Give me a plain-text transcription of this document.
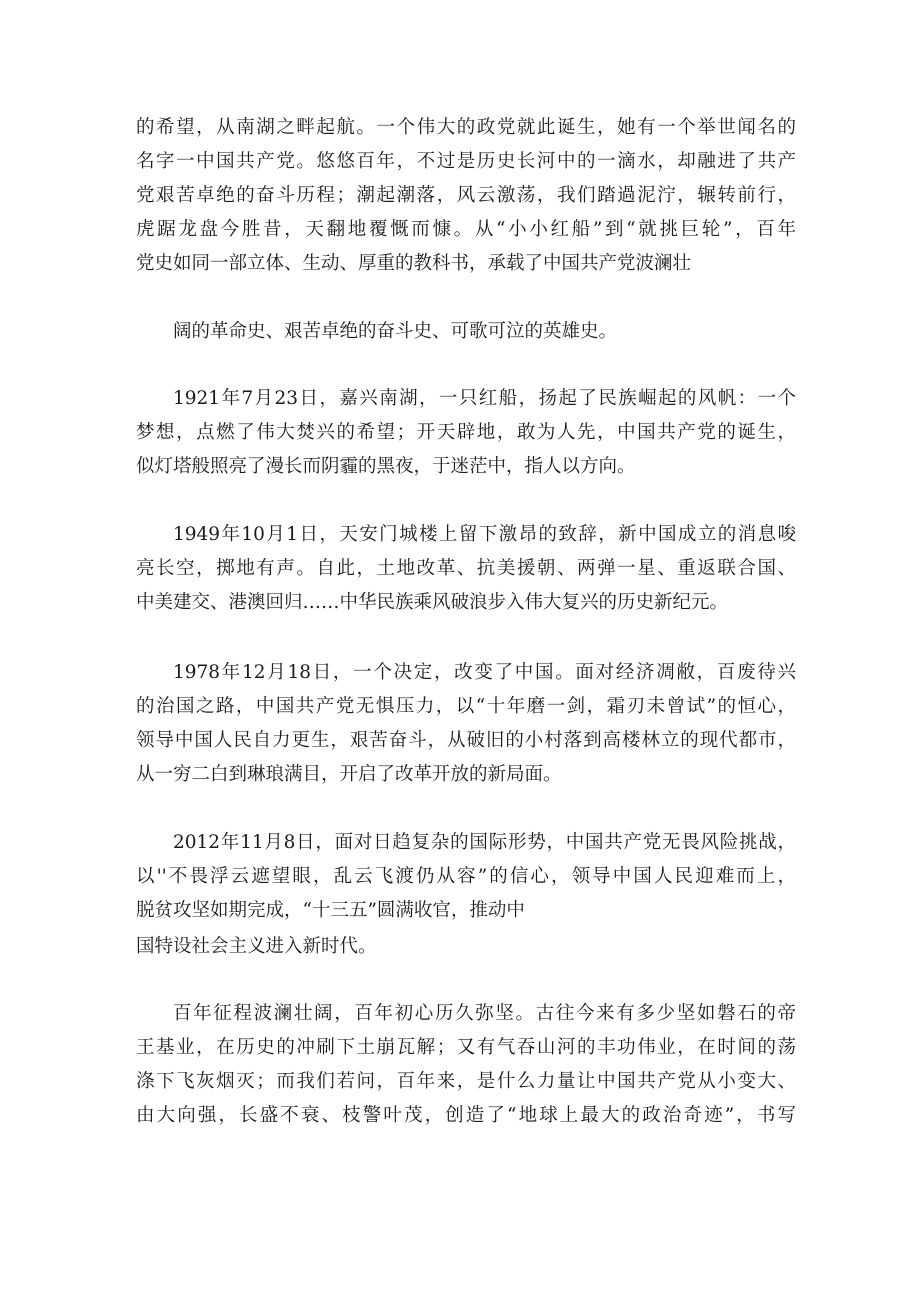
的希望，从南湖之畔起航。一个伟大的政党就此诞生，她有一个举世闻名的
名字一中国共产党。悠悠百年，不过是历史长河中的一滴水，却融进了共产
党艰苦卓绝的奋斗历程；潮起潮落，风云激荡，我们踏過泥泞，辗转前行，
虎踞龙盘今胜昔，天翻地覆慨而慷。从“小小红船”到“就挑巨轮”，百年
党史如同一部立体、生动、厚重的教科书，承载了中国共产党波澜壮
阔的革命史、艰苦卓绝的奋斗史、可歌可泣的英雄史。
1921年7月23日，嘉兴南湖，一只红船，扬起了民族崛起的风帆：一个
梦想，点燃了伟大焚兴的希望；开天辟地，敢为人先，中国共产党的诞生，
似灯塔般照亮了漫长而阴霾的黑夜，于迷茫中，指人以方向。
1949年10月1日，天安门城楼上留下激昂的致辞，新中国成立的消息唆
亮长空，掷地有声。自此，土地改革、抗美援朝、两弹一星、重返联合国、
中美建交、港澳回归……中华民族乘风破浪步入伟大复兴的历史新纪元。
1978年12月18日，一个决定，改变了中国。面对经济凋敝，百废待兴
的治国之路，中国共产党无惧压力，以“十年磨一剑，霜刃未曾试”的恒心，
领导中国人民自力更生，艰苦奋斗，从破旧的小村落到高楼林立的现代都市，
从一穷二白到琳琅满目，开启了改革开放的新局面。
2012年11月8日，面对日趋复杂的国际形势，中国共产党无畏风险挑战，
以''不畏浮云遮望眼，乱云飞渡仍从容”的信心，领导中国人民迎难而上，
脱贫攻坚如期完成，“十三五”圆满收官，推动中
国特设社会主义进入新时代。
百年征程波澜壮阔，百年初心历久弥坚。古往今来有多少坚如磐石的帝
王基业，在历史的冲刷下土崩瓦解；又有气吞山河的丰功伟业，在时间的荡
涤下飞灰烟灭；而我们若问，百年来，是什么力量让中国共产党从小变大、
由大向强，长盛不衰、枝警叶茂，创造了“地球上最大的政治奇迹”，书写
